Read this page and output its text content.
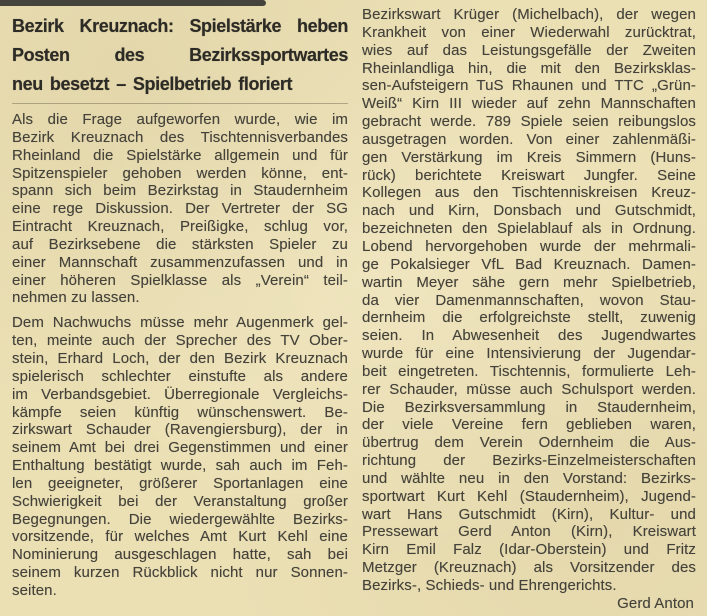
Bezirk Kreuznach: Spielstärke heben
Posten des Bezirkssportwartes
neu besetzt – Spielbetrieb floriert
Als die Frage aufgeworfen wurde, wie im
Bezirk Kreuznach des Tischtennisverbandes
Rheinland die Spielstärke allgemein und für
Spitzenspieler gehoben werden könne, ent-
spann sich beim Bezirkstag in Staudernheim
eine rege Diskussion. Der Vertreter der SG
Eintracht Kreuznach, Preißigke, schlug vor,
auf Bezirksebene die stärksten Spieler zu
einer Mannschaft zusammenzufassen und in
einer höheren Spielklasse als „Verein“ teil-
nehmen zu lassen.
Dem Nachwuchs müsse mehr Augenmerk gel-
ten, meinte auch der Sprecher des TV Ober-
stein, Erhard Loch, der den Bezirk Kreuznach
spielerisch schlechter einstufte als andere
im Verbandsgebiet. Überregionale Vergleichs-
kämpfe seien künftig wünschenswert. Be-
zirkswart Schauder (Ravengiersburg), der in
seinem Amt bei drei Gegenstimmen und einer
Enthaltung bestätigt wurde, sah auch im Feh-
len geeigneter, größerer Sportanlagen eine
Schwierigkeit bei der Veranstaltung großer
Begegnungen. Die wiedergewählte Bezirks-
vorsitzende, für welches Amt Kurt Kehl eine
Nominierung ausgeschlagen hatte, sah bei
seinem kurzen Rückblick nicht nur Sonnen-
seiten.
Bezirkswart Krüger (Michelbach), der wegen
Krankheit von einer Wiederwahl zurücktrat,
wies auf das Leistungsgefälle der Zweiten
Rheinlandliga hin, die mit den Bezirksklas-
sen-Aufsteigern TuS Rhaunen und TTC „Grün-
Weiß“ Kirn III wieder auf zehn Mannschaften
gebracht werde. 789 Spiele seien reibungslos
ausgetragen worden. Von einer zahlenmäßi-
gen Verstärkung im Kreis Simmern (Huns-
rück) berichtete Kreiswart Jungfer. Seine
Kollegen aus den Tischtenniskreisen Kreuz-
nach und Kirn, Donsbach und Gutschmidt,
bezeichneten den Spielablauf als in Ordnung.
Lobend hervorgehoben wurde der mehrmali-
ge Pokalsieger VfL Bad Kreuznach. Damen-
wartin Meyer sähe gern mehr Spielbetrieb,
da vier Damenmannschaften, wovon Stau-
dernheim die erfolgreichste stellt, zuwenig
seien. In Abwesenheit des Jugendwartes
wurde für eine Intensivierung der Jugendar-
beit eingetreten. Tischtennis, formulierte Leh-
rer Schauder, müsse auch Schulsport werden.
Die Bezirksversammlung in Staudernheim,
der viele Vereine fern geblieben waren,
übertrug dem Verein Odernheim die Aus-
richtung der Bezirks-Einzelmeisterschaften
und wählte neu in den Vorstand: Bezirks-
sportwart Kurt Kehl (Staudernheim), Jugend-
wart Hans Gutschmidt (Kirn), Kultur- und
Pressewart Gerd Anton (Kirn), Kreiswart
Kirn Emil Falz (Idar-Oberstein) und Fritz
Metzger (Kreuznach) als Vorsitzender des
Bezirks-, Schieds- und Ehrengerichts.
Gerd Anton
